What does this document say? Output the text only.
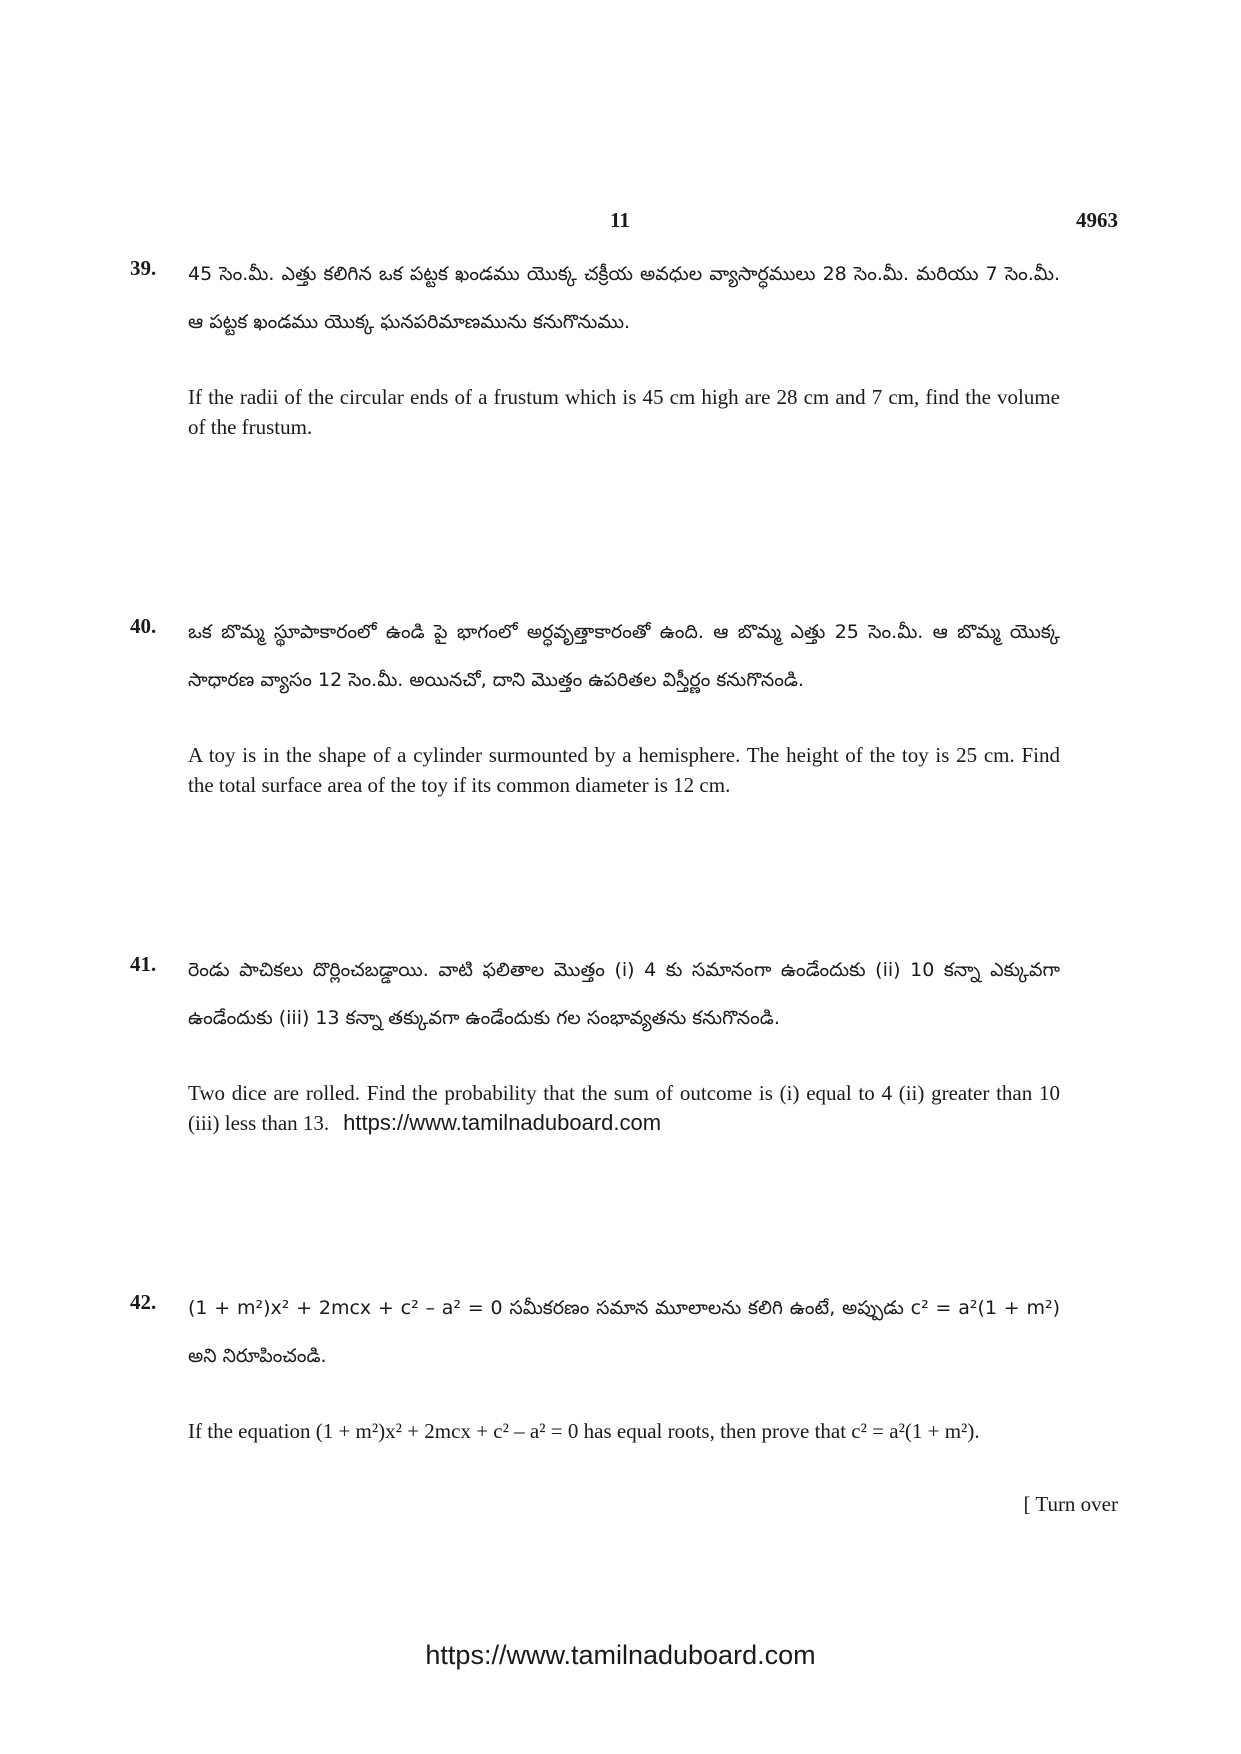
11	4963
39. 45 సెం.మీ. ఎత్తు కలిగిన ఒక పట్టక ఖండము యొక్క చక్రీయ అవధుల వ్యాసార్ధములు 28 సెం.మీ. మరియు 7 సెం.మీ. ఆ పట్టక ఖండము యొక్క ఘనపరిమాణమును కనుగొనుము.
If the radii of the circular ends of a frustum which is 45 cm high are 28 cm and 7 cm, find the volume of the frustum.
40. ఒక బొమ్మ స్థూపాకారంలో ఉండి పై భాగంలో అర్ధవృత్తాకారంతో ఉంది. ఆ బొమ్మ ఎత్తు 25 సెం.మీ. ఆ బొమ్మ యొక్క సాధారణ వ్యాసం 12 సెం.మీ. అయినచో, దాని మొత్తం ఉపరితల విస్తీర్ణం కనుగొనండి.
A toy is in the shape of a cylinder surmounted by a hemisphere. The height of the toy is 25 cm. Find the total surface area of the toy if its common diameter is 12 cm.
41. రెండు పాచికలు దొర్లించబడ్డాయి. వాటి ఫలితాల మొత్తం (i) 4 కు సమానంగా ఉండేందుకు (ii) 10 కన్నా ఎక్కువగా ఉండేందుకు (iii) 13 కన్నా తక్కువగా ఉండేందుకు గల సంభావ్యతను కనుగొనండి.
Two dice are rolled. Find the probability that the sum of outcome is (i) equal to 4 (ii) greater than 10 (iii) less than 13. https://www.tamilnaduboard.com
42. (1 + m²)x² + 2mcx + c² – a² = 0 సమీకరణం సమాన మూలాలను కలిగి ఉంటే, అప్పుడు c² = a²(1 + m²) అని నిరూపించండి.
If the equation (1 + m²)x² + 2mcx + c² – a² = 0 has equal roots, then prove that c² = a²(1 + m²).
[ Turn over
https://www.tamilnaduboard.com
